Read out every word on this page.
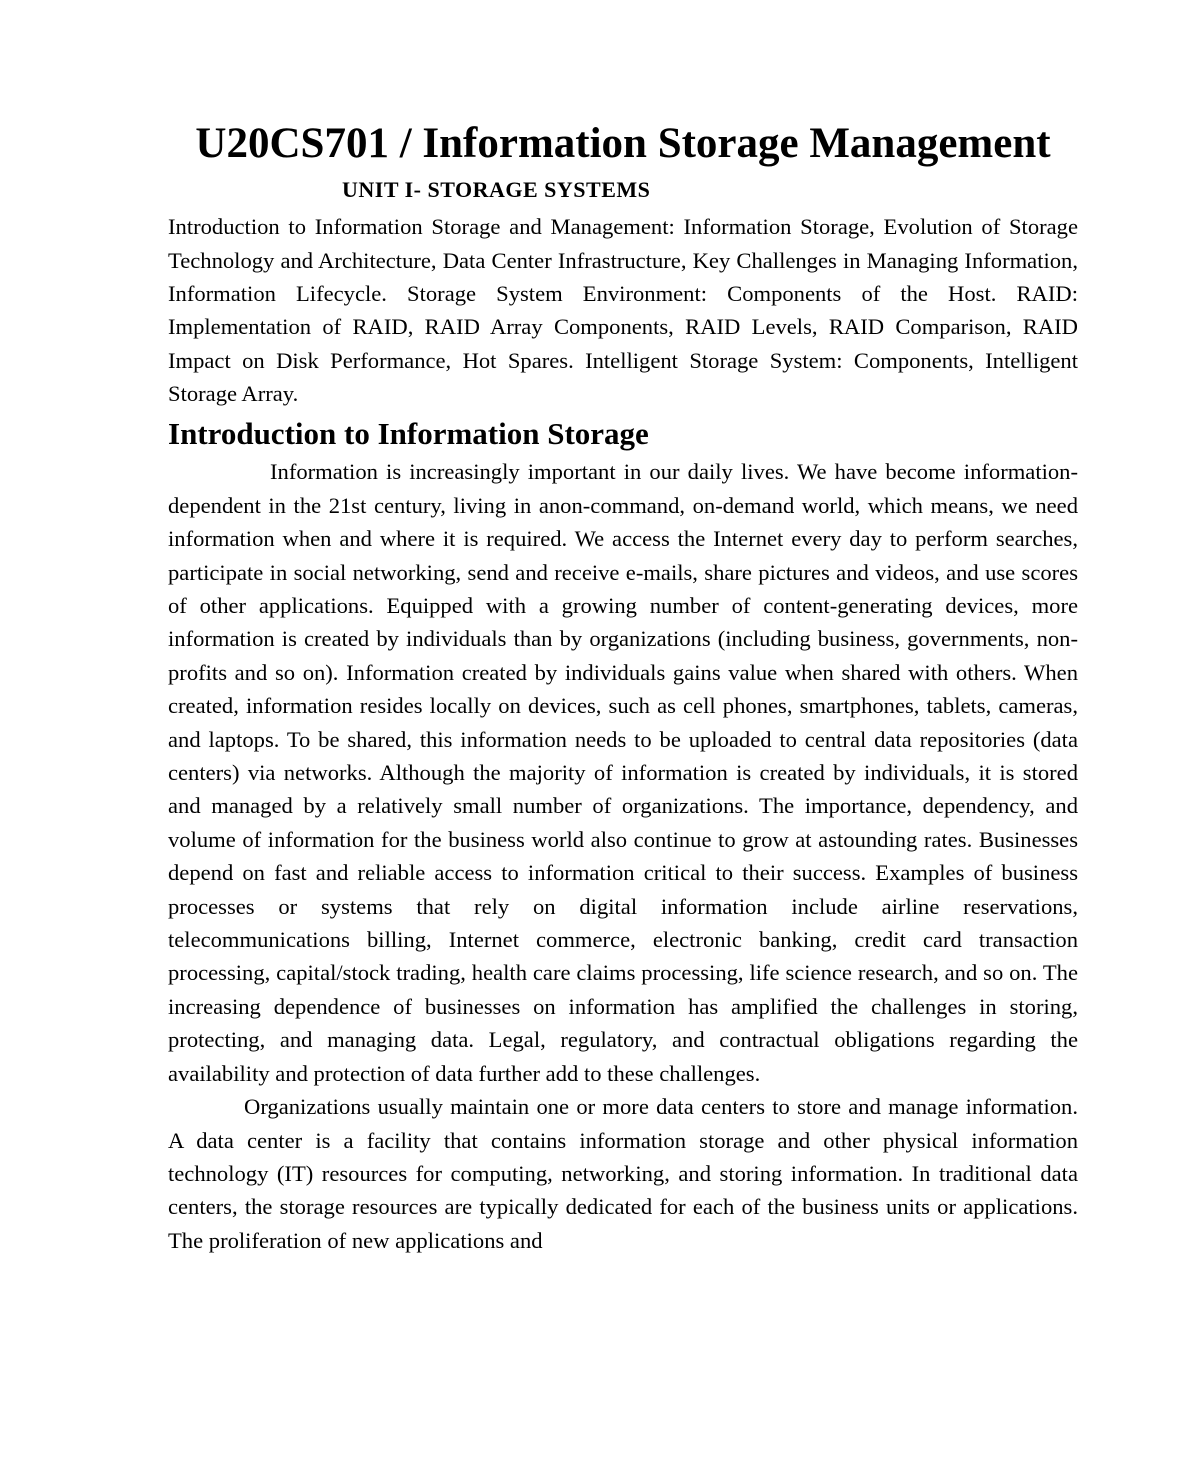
U20CS701 / Information Storage Management
UNIT I- STORAGE SYSTEMS

Introduction to Information Storage and Management: Information Storage, Evolution of Storage Technology and Architecture, Data Center Infrastructure, Key Challenges in Managing Information, Information Lifecycle. Storage System Environment: Components of the Host. RAID: Implementation of RAID, RAID Array Components, RAID Levels, RAID Comparison, RAID Impact on Disk Performance, Hot Spares. Intelligent Storage System: Components, Intelligent Storage Array.

Introduction to Information Storage

Information is increasingly important in our daily lives. We have become information- dependent in the 21st century, living in anon-command, on-demand world, which means, we need information when and where it is required. We access the Internet every day to perform searches, participate in social networking, send and receive e-mails, share pictures and videos, and use scores of other applications. Equipped with a growing number of content-generating devices, more information is created by individuals than by organizations (including business, governments, non-profits and so on). Information created by individuals gains value when shared with others. When created, information resides locally on devices, such as cell phones, smartphones, tablets, cameras, and laptops. To be shared, this information needs to be uploaded to central data repositories (data centers) via networks. Although the majority of information is created by individuals, it is stored and managed by a relatively small number of organizations. The importance, dependency, and volume of information for the business world also continue to grow at astounding rates. Businesses depend on fast and reliable access to information critical to their success. Examples of business processes or systems that rely on digital information include airline reservations, telecommunications billing, Internet commerce, electronic banking, credit card transaction processing, capital/stock trading, health care claims processing, life science research, and so on. The increasing dependence of businesses on information has amplified the challenges in storing, protecting, and managing data. Legal, regulatory, and contractual obligations regarding the availability and protection of data further add to these challenges.

Organizations usually maintain one or more data centers to store and manage information. A data center is a facility that contains information storage and other physical information technology (IT) resources for computing, networking, and storing information. In traditional data centers, the storage resources are typically dedicated for each of the business units or applications. The proliferation of new applications and
